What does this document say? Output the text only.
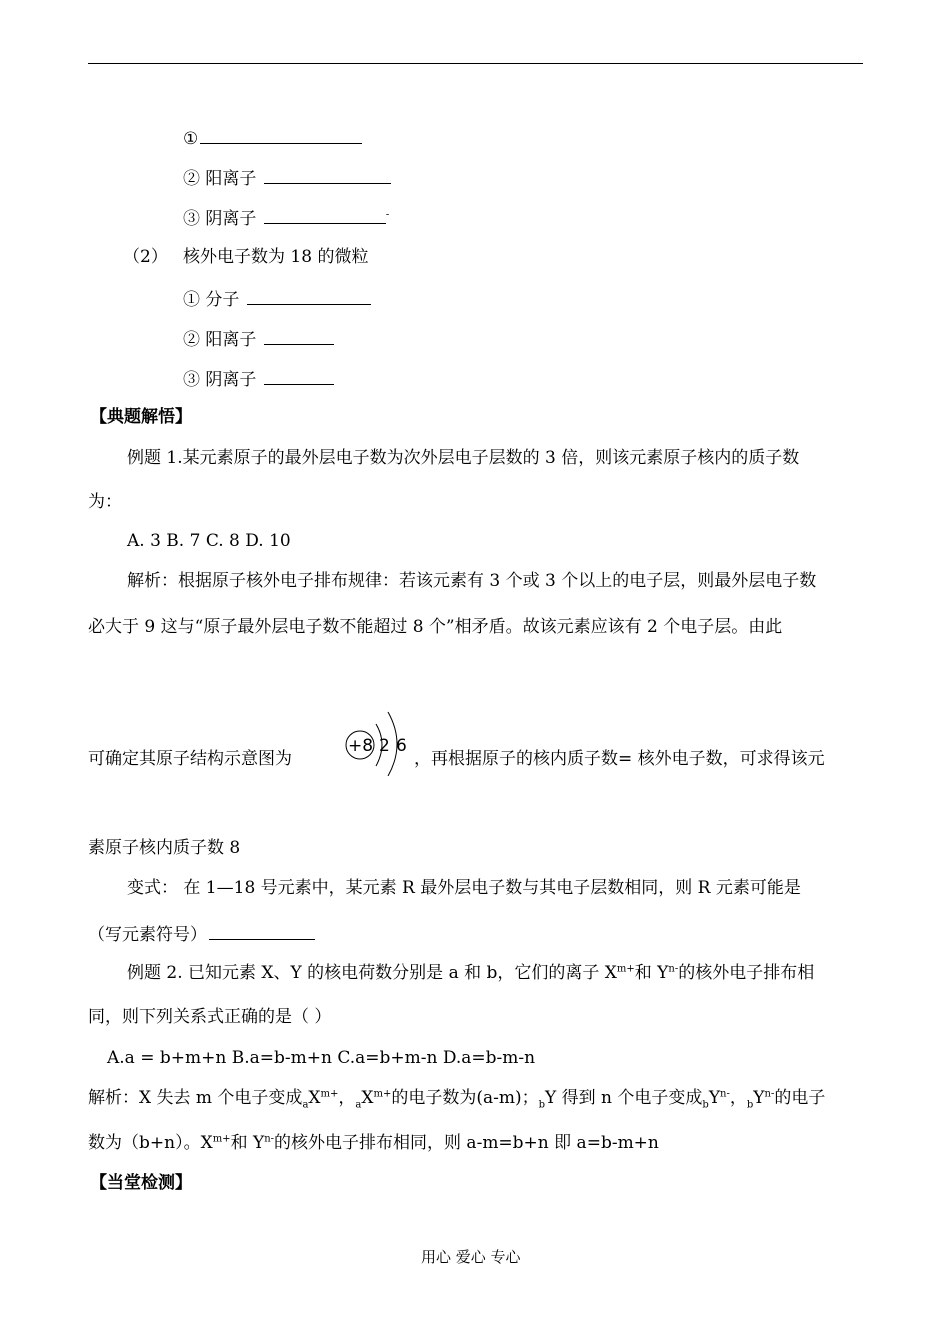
①
② 阳离子
③ 阴离子	-
（2） 核外电子数为 18 的微粒
① 分子
② 阳离子
③ 阴离子
【典题解悟】
例题 1.某元素原子的最外层电子数为次外层电子层数的 3 倍，则该元素原子核内的质子数
为：
A. 3 B. 7 C. 8 D. 10
解析：根据原子核外电子排布规律：若该元素有 3 个或 3 个以上的电子层，则最外层电子数
必大于 9 这与“原子最外层电子数不能超过 8 个”相矛盾。故该元素应该有 2 个电子层。由此
可确定其原子结构示意图为
+8 2 6
，再根据原子的核内质子数= 核外电子数，可求得该元
素原子核内质子数 8
变式： 在 1—18 号元素中，某元素 R 最外层电子数与其电子层数相同，则 R 元素可能是
（写元素符号）
例题 2. 已知元素 X、Y 的核电荷数分别是 a 和 b，它们的离子 $X^{m+}$和 $Y^{n-}$的核外电子排布相
同，则下列关系式正确的是（ ）
A.a = b+m+n B.a=b-m+n C.a=b+m-n D.a=b-m-n
解析：X 失去 m 个电子变成$_aX^{m+}$，$_aX^{m+}$的电子数为(a-m)；$_b$Y 得到 n 个电子变成$_bY^{n-}$，$_bY^{n-}$的电子
数为（b+n）。$X^{m+}$和 $Y^{n-}$的核外电子排布相同，则 a-m=b+n 即 a=b-m+n
【当堂检测】
用心 爱心 专心
